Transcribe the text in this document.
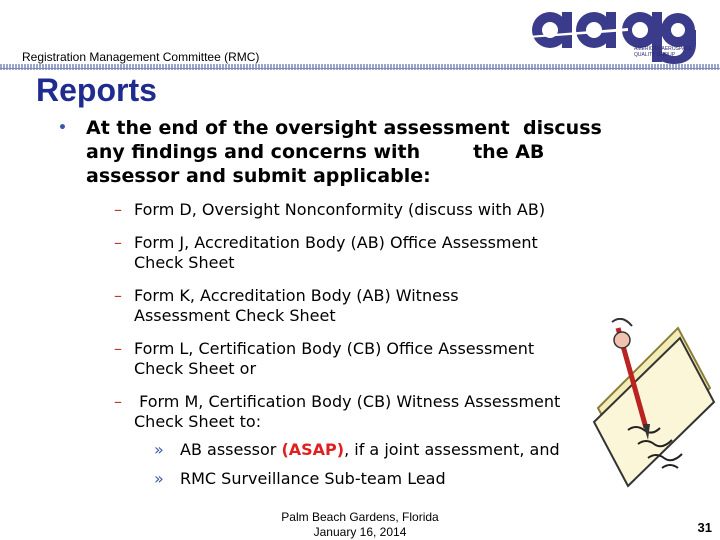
Registration Management Committee (RMC)
AMERICAN AEROSPACE
QUALITY GROUP
Reports
• At the end of the oversight assessment  discuss
any findings and concerns with        the AB
assessor and submit applicable:
– Form D, Oversight Nonconformity (discuss with AB)
– Form J, Accreditation Body (AB) Office Assessment
Check Sheet
– Form K, Accreditation Body (AB) Witness
Assessment Check Sheet
– Form L, Certification Body (CB) Office Assessment
Check Sheet or
– Form M, Certification Body (CB) Witness Assessment
Check Sheet to:
» AB assessor (ASAP), if a joint assessment, and
» RMC Surveillance Sub-team Lead
Palm Beach Gardens, Florida
January 16, 2014	31
